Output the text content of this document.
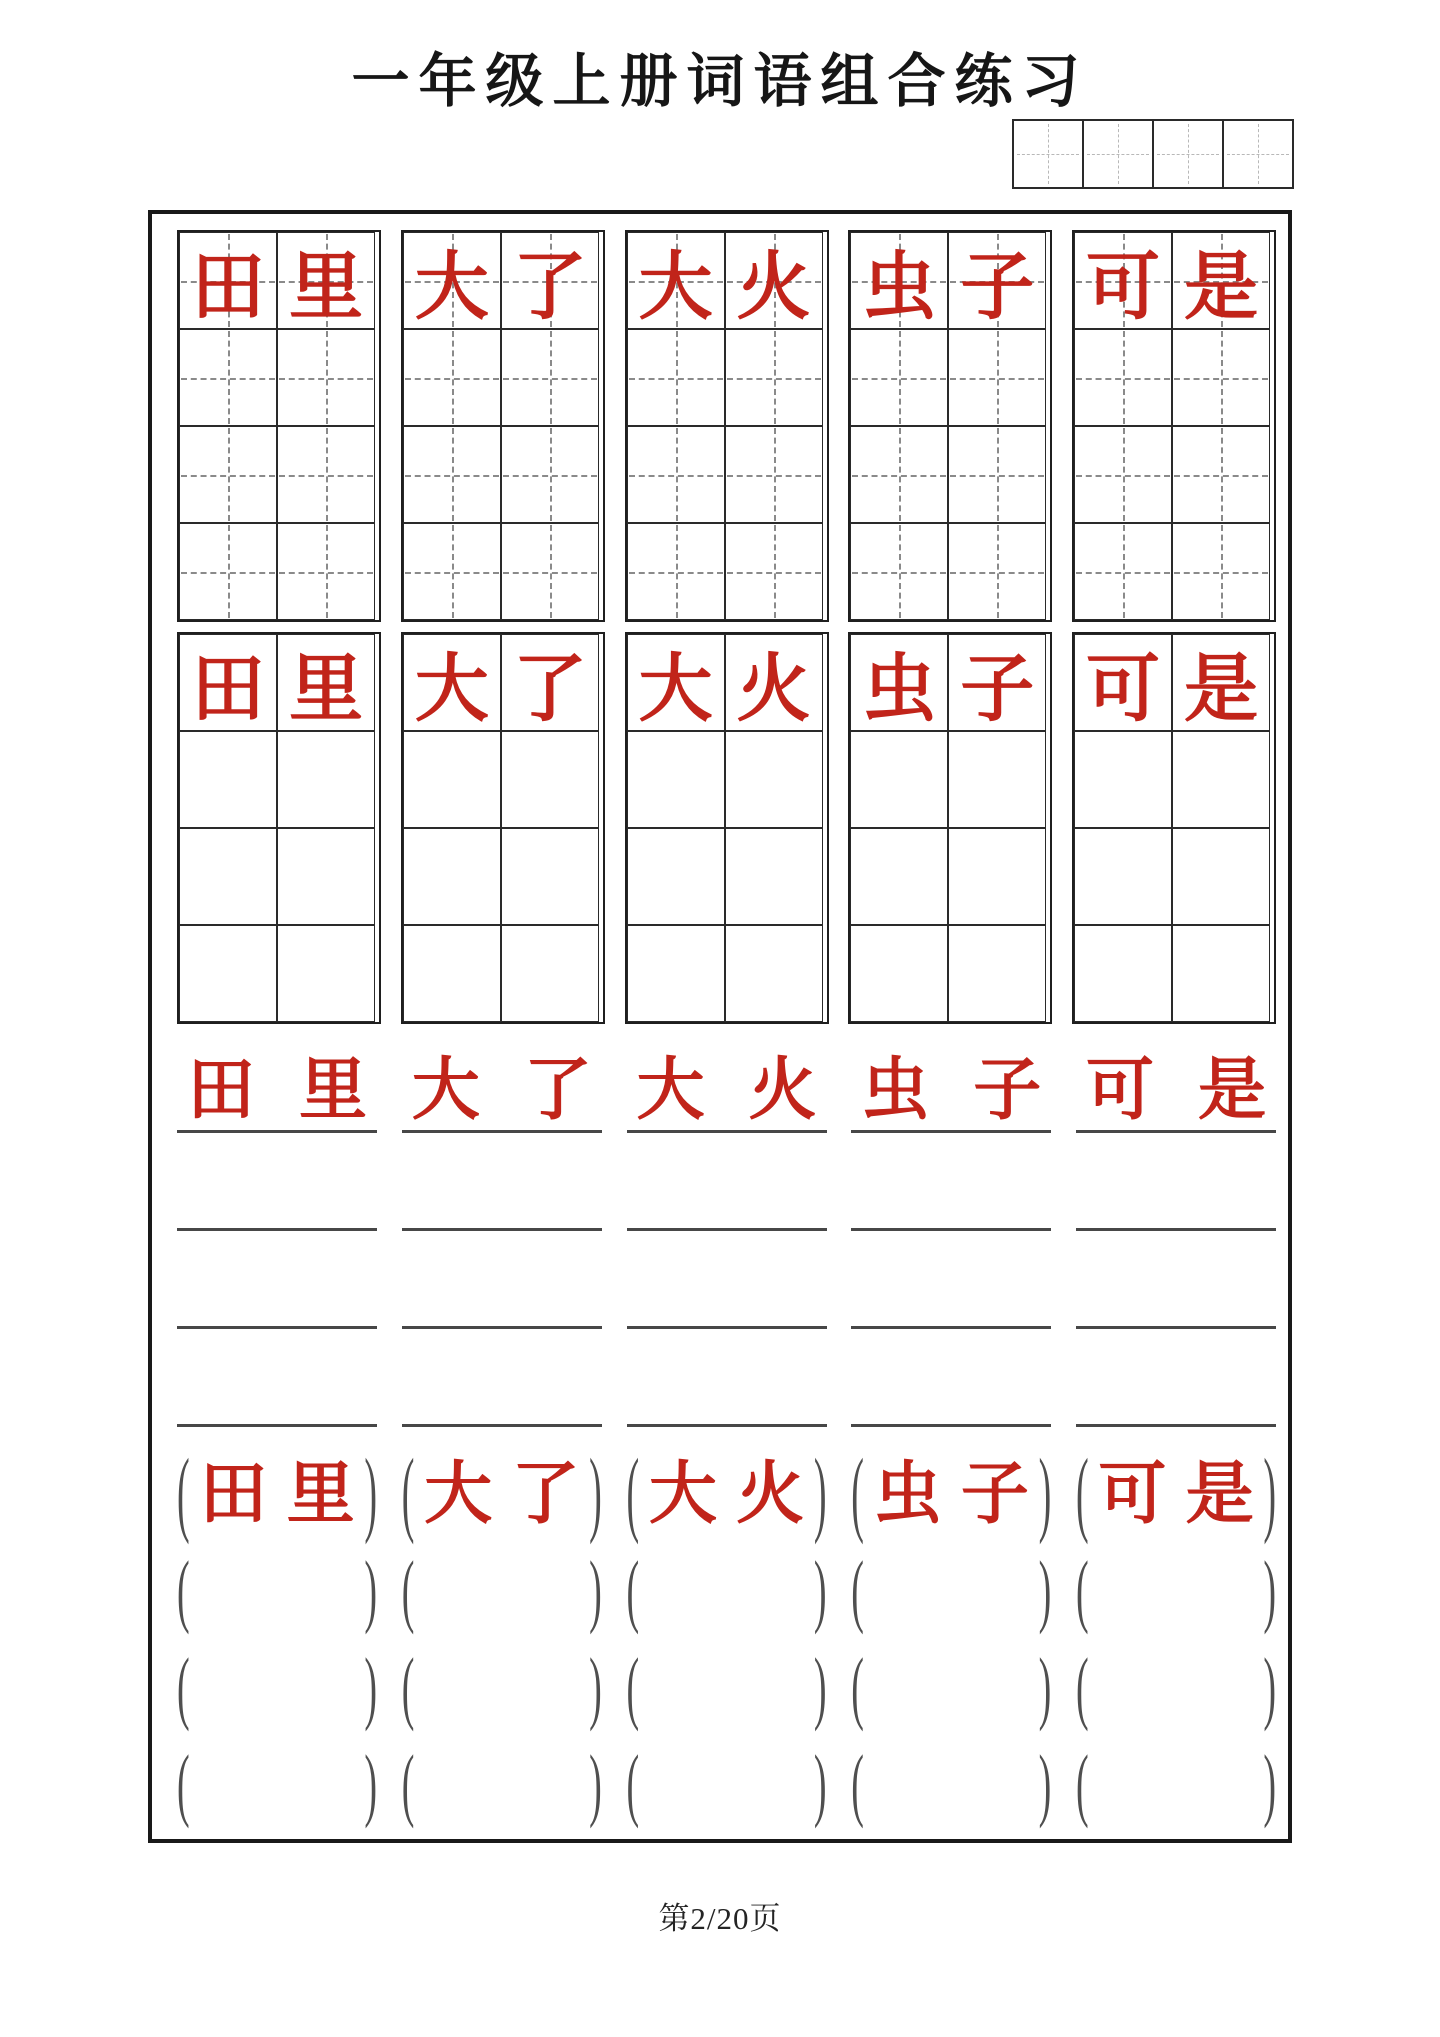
一年级上册词语组合练习
田 里 大 了 大 火 虫 子 可 是
田 里 大 了 大 火 虫 子 可 是
田 里 大 了 大 火 虫 子 可 是
( 田 里 )
(	)
(	)
(	)
( 大 了 )
(	)
(	)
(	)
( 大 火 )
(	)
(	)
(	)
( 虫 子 )
(	)
(	)
(	)
( 可 是 )
(	)
(	)
(	)
第2/20页
